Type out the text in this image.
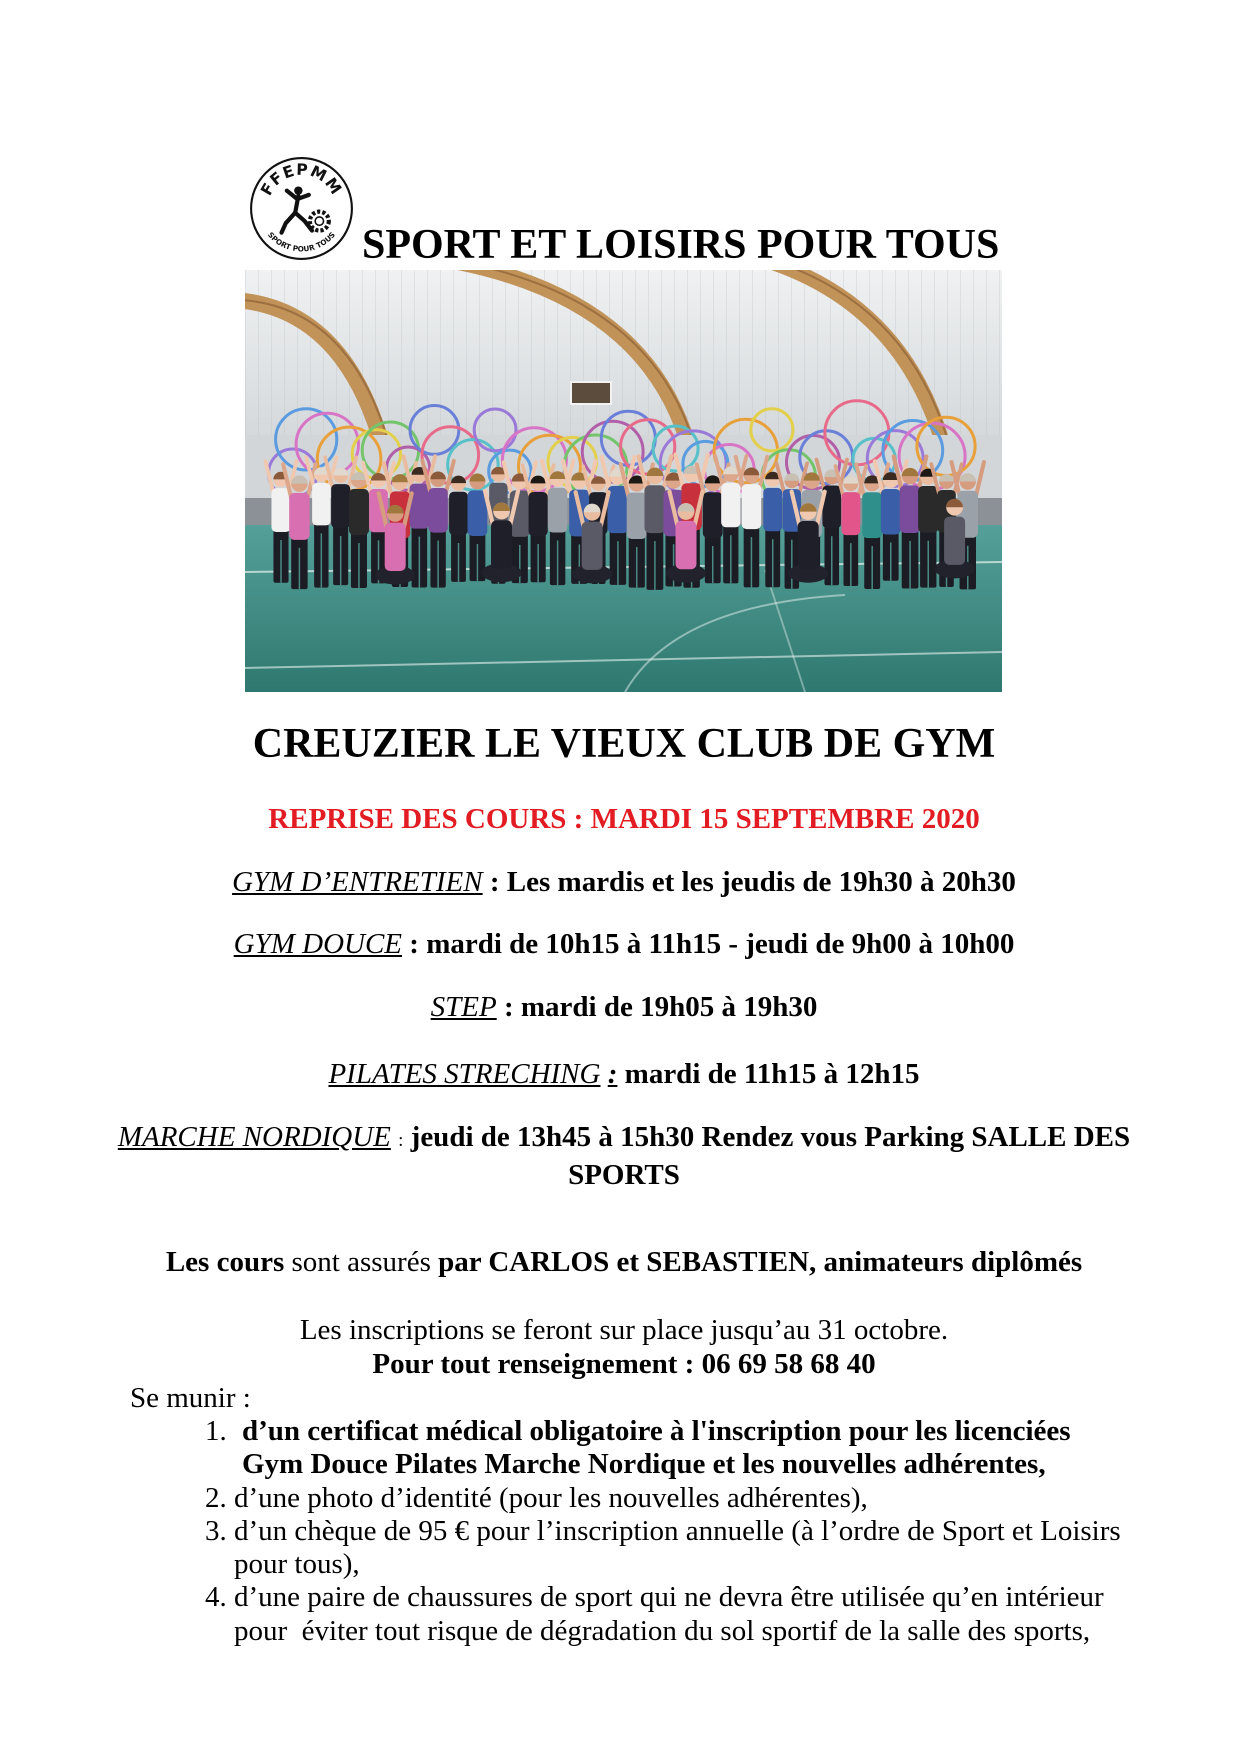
FFEPMM
SPORT POUR TOUS SPORT ET LOISIRS POUR TOUS
CREUZIER LE VIEUX CLUB DE GYM

REPRISE DES COURS : MARDI 15 SEPTEMBRE 2020

GYM D’ENTRETIEN : Les mardis et les jeudis de 19h30 à 20h30

GYM DOUCE : mardi de 10h15 à 11h15 - jeudi de 9h00 à 10h00

STEP : mardi de 19h05 à 19h30

PILATES STRECHING : mardi de 11h15 à 12h15

MARCHE NORDIQUE : jeudi de 13h45 à 15h30 Rendez vous Parking SALLE DES SPORTS

Les cours sont assurés par CARLOS et SEBASTIEN, animateurs diplômés

Les inscriptions se feront sur place jusqu’au 31 octobre.
Pour tout renseignement : 06 69 58 68 40

Se munir :

1. d’un certificat médical obligatoire à l'inscription pour les licenciées Gym Douce Pilates Marche Nordique et les nouvelles adhérentes,
2. d’une photo d’identité (pour les nouvelles adhérentes),
3. d’un chèque de 95 € pour l’inscription annuelle (à l’ordre de Sport et Loisirs pour tous),
4. d’une paire de chaussures de sport qui ne devra être utilisée qu’en intérieur pour  éviter tout risque de dégradation du sol sportif de la salle des sports,
